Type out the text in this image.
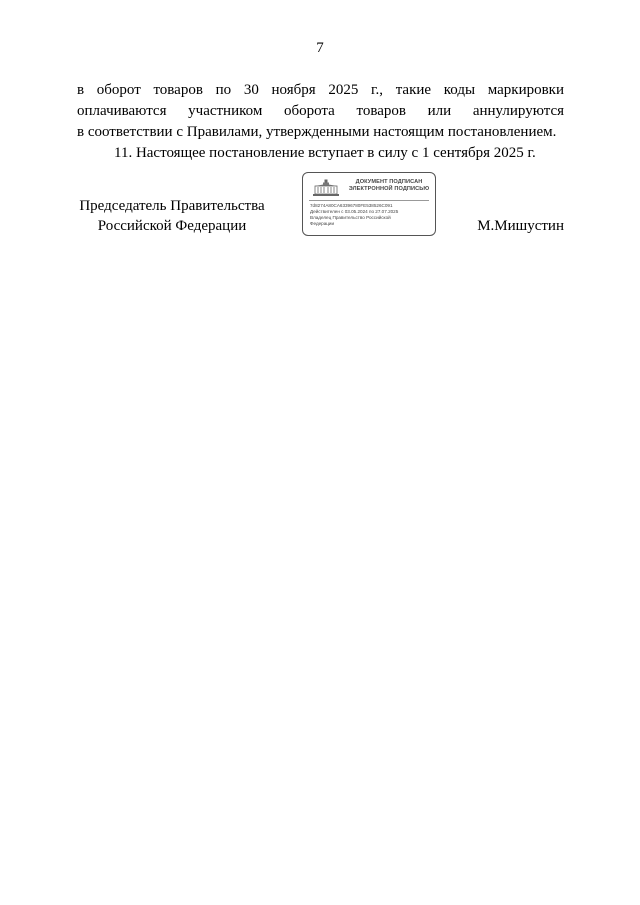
7

в оборот товаров по 30 ноября 2025 г., такие коды маркировки
оплачиваются участником оборота товаров или аннулируются
в соответствии с Правилами, утвержденными настоящим постановлением.

11. Настоящее постановление вступает в силу с 1 сентября 2025 г.

Председатель Правительства
Российской Федерации
ДОКУМЕНТ ПОДПИСАН
ЭЛЕКТРОННОЙ ПОДПИСЬЮ
7d8274A80CA63396780FE538526C091
Действителен с 03.05.2024 по 27.07.2025
Владелец Правительство Российской
Федерации	М.Мишустин
